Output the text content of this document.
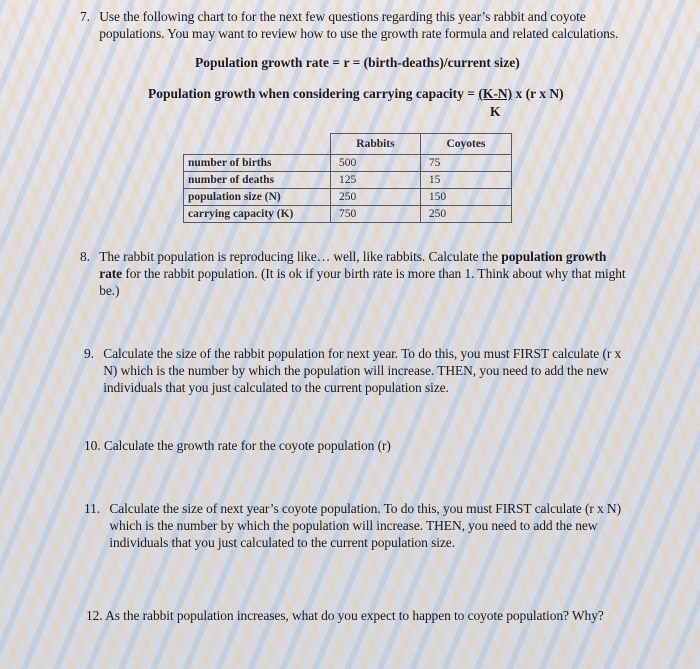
7. Use the following chart to for the next few questions regarding this year’s rabbit and coyote populations. You may want to review how to use the growth rate formula and related calculations.
Population growth rate = r = (birth-deaths)/current size)
Population growth when considering carrying capacity = $\frac{(K-N)}{K}$ x (r x N)
	Rabbits	Coyotes
number of births	500	75
number of deaths	125	15
population size (N)	250	150
carrying capacity (K)	750	250
8. The rabbit population is reproducing like… well, like rabbits. Calculate the population growth rate for the rabbit population. (It is ok if your birth rate is more than 1. Think about why that might be.)
9. Calculate the size of the rabbit population for next year. To do this, you must FIRST calculate (r x N) which is the number by which the population will increase. THEN, you need to add the new individuals that you just calculated to the current population size.
10. Calculate the growth rate for the coyote population (r)
11. Calculate the size of next year’s coyote population. To do this, you must FIRST calculate (r x N) which is the number by which the population will increase. THEN, you need to add the new individuals that you just calculated to the current population size.
12. As the rabbit population increases, what do you expect to happen to coyote population? Why?
